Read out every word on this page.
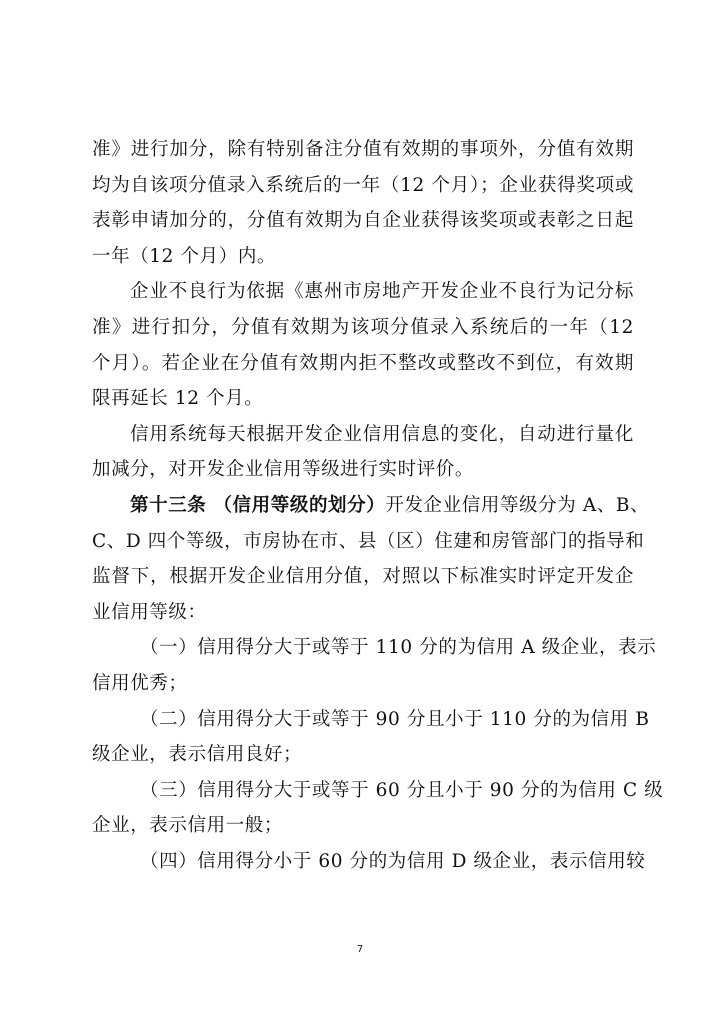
准》进行加分，除有特别备注分值有效期的事项外，分值有效期
均为自该项分值录入系统后的一年（12 个月）；企业获得奖项或
表彰申请加分的，分值有效期为自企业获得该奖项或表彰之日起
一年（12 个月）内。
企业不良行为依据《惠州市房地产开发企业不良行为记分标
准》进行扣分，分值有效期为该项分值录入系统后的一年（12
个月）。若企业在分值有效期内拒不整改或整改不到位，有效期
限再延长 12 个月。
信用系统每天根据开发企业信用信息的变化，自动进行量化
加减分，对开发企业信用等级进行实时评价。
第十三条 （信用等级的划分）开发企业信用等级分为 A、B、
C、D 四个等级，市房协在市、县（区）住建和房管部门的指导和
监督下，根据开发企业信用分值，对照以下标准实时评定开发企
业信用等级：
（一）信用得分大于或等于 110 分的为信用 A 级企业，表示
信用优秀；
（二）信用得分大于或等于 90 分且小于 110 分的为信用 B
级企业，表示信用良好；
（三）信用得分大于或等于 60 分且小于 90 分的为信用 C 级
企业，表示信用一般；
（四）信用得分小于 60 分的为信用 D 级企业，表示信用较
7
